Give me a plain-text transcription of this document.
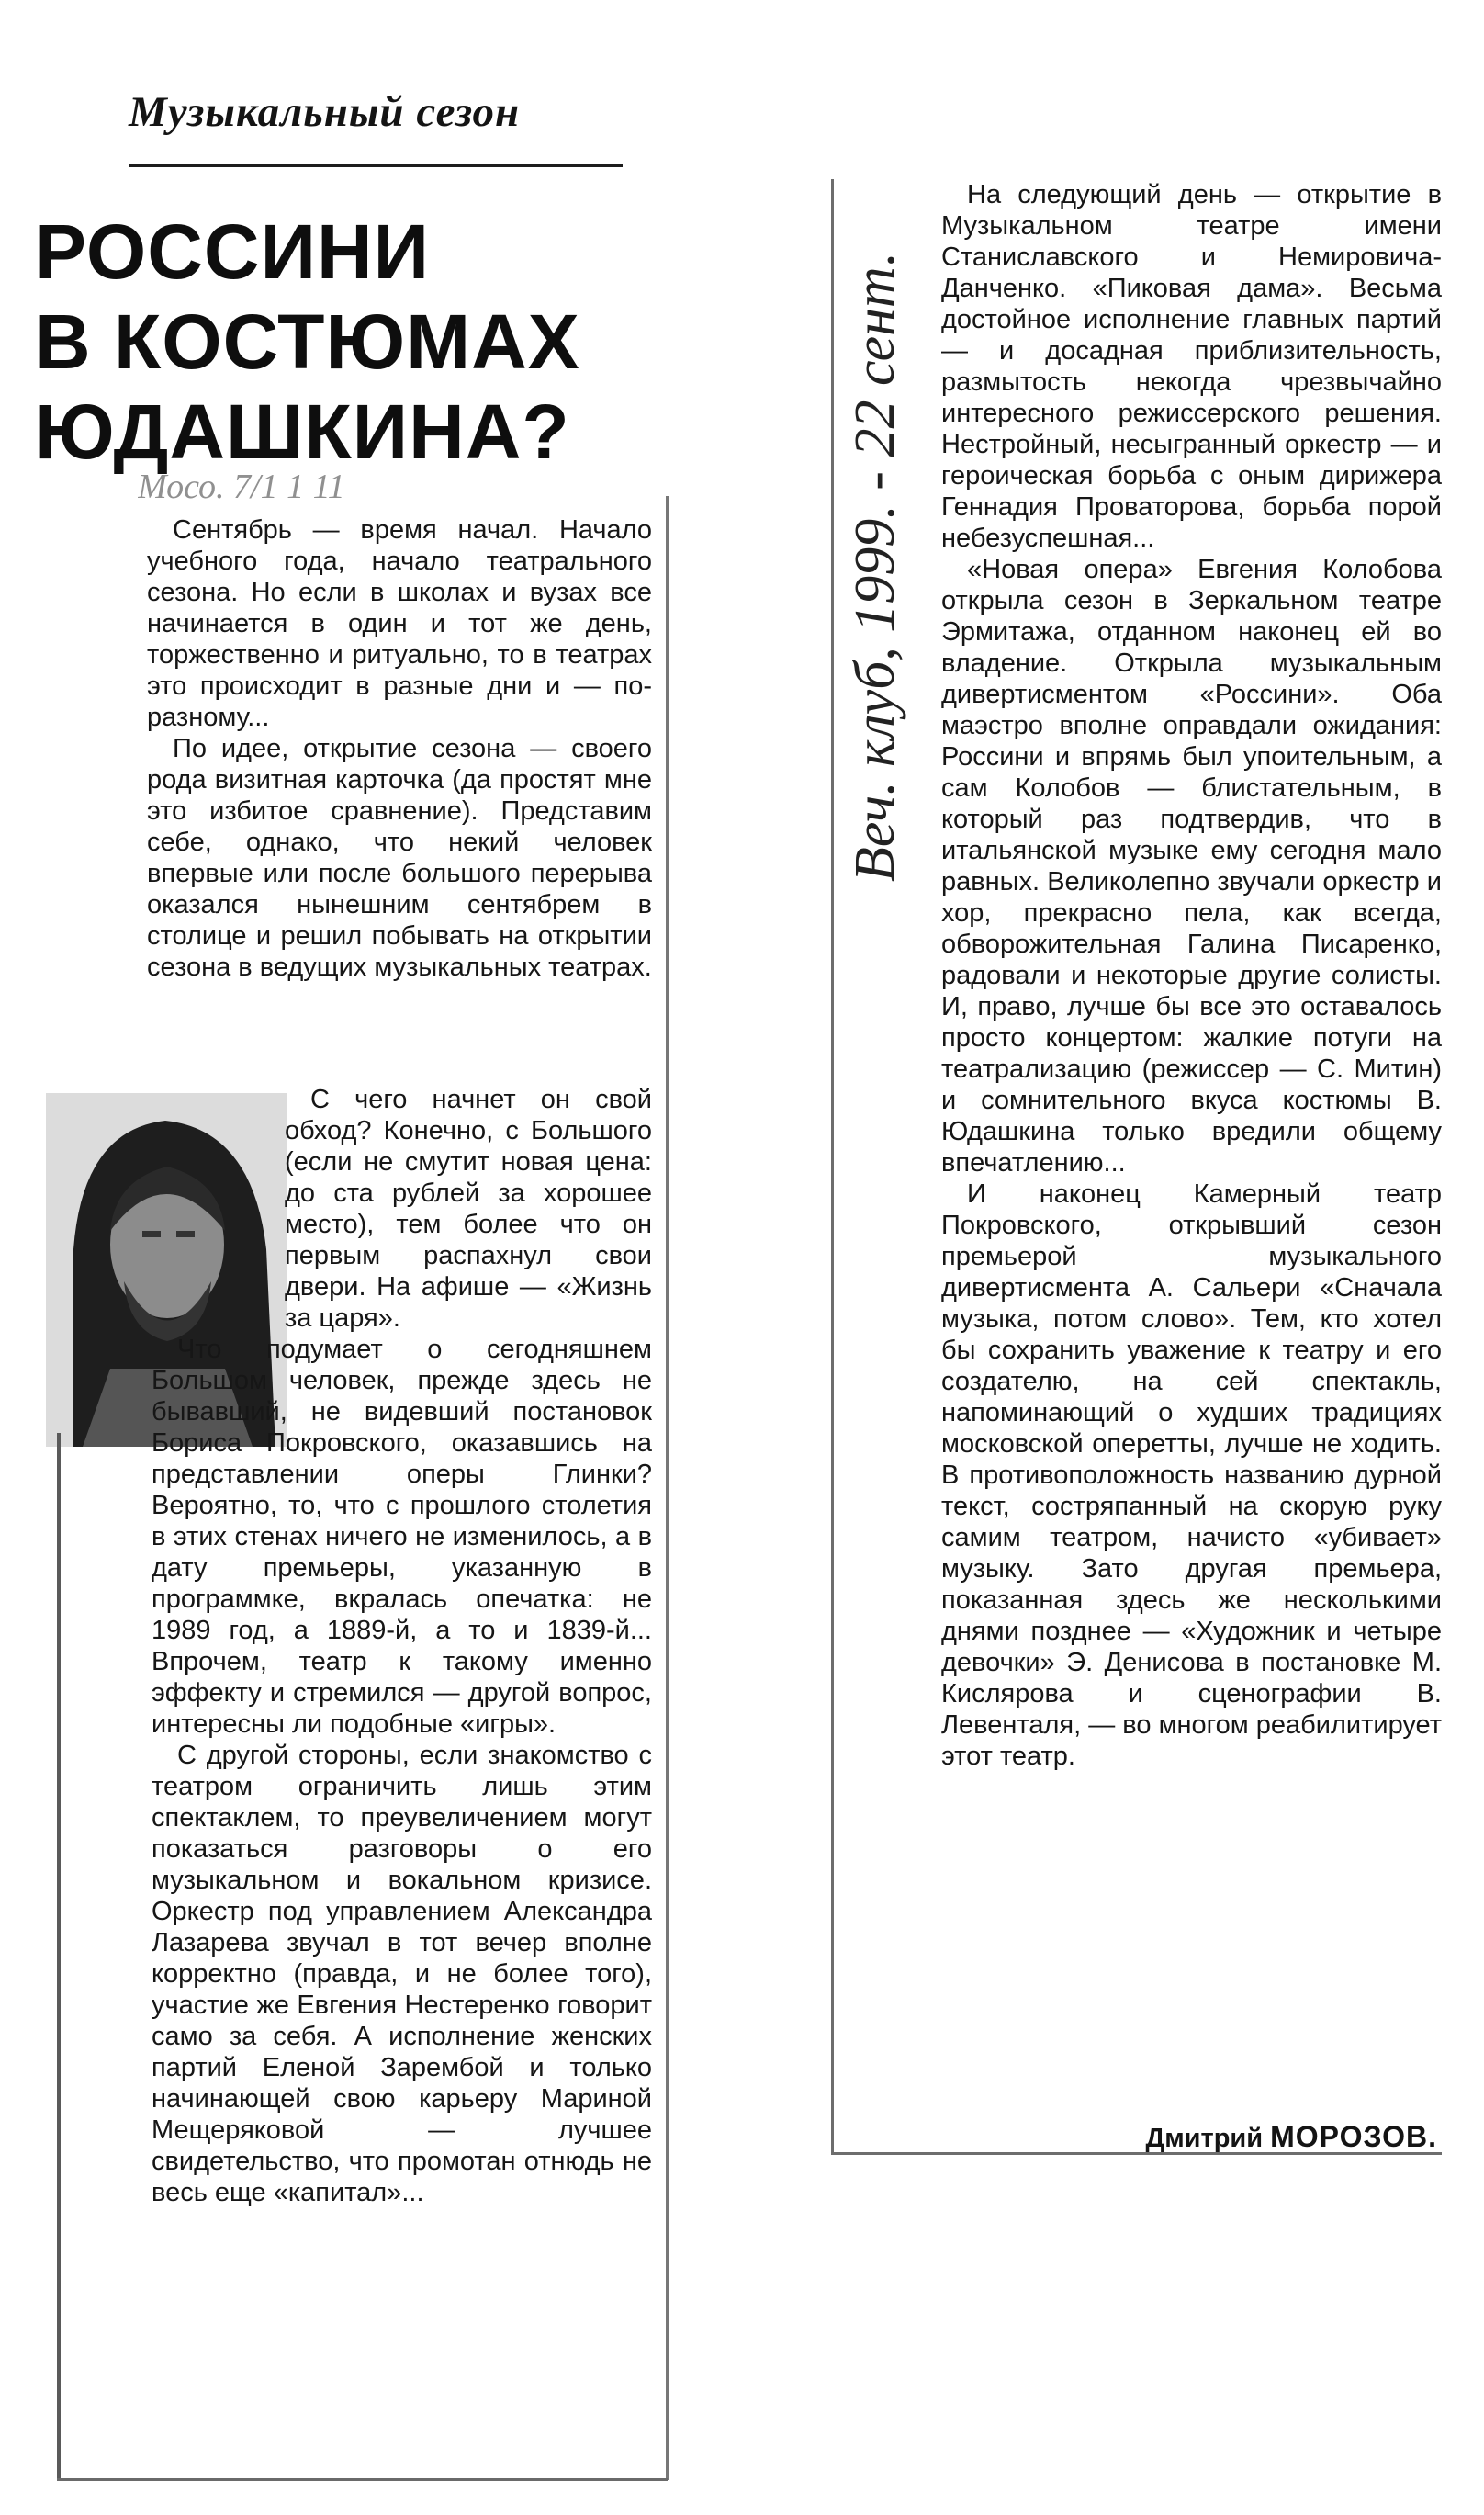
Музыкальный сезон
РОССИНИ
В КОСТЮМАХ
ЮДАШКИНА?
Мосо. 7/1 1 11

Сентябрь — время начал. Начало учебного года, начало театрального сезона. Но если в школах и вузах все начинается в один и тот же день, торжественно и ритуально, то в театрах это происходит в разные дни и — по-разному...

По идее, открытие сезона — своего рода визитная карточка (да простят мне это избитое сравнение). Представим себе, однако, что некий человек впервые или после большого перерыва оказался нынешним сентябрем в столице и решил побывать на открытии сезона в ведущих музыкальных театрах.

С чего начнет он свой обход? Конечно, с Большого (если не смутит новая цена: до ста рублей за хорошее место), тем более что он первым распахнул свои двери. На афише — «Жизнь за царя».

Что подумает о сегодняшнем Большом человек, прежде здесь не бывавший, не видевший постановок Бориса Покровского, оказавшись на представлении оперы Глинки? Вероятно, то, что с прошлого столетия в этих стенах ничего не изменилось, а в дату премьеры, указанную в программке, вкралась опечатка: не 1989 год, а 1889-й, а то и 1839-й... Впрочем, театр к такому именно эффекту и стремился — другой вопрос, интересны ли подобные «игры».

С другой стороны, если знакомство с театром ограничить лишь этим спектаклем, то преувеличением могут показаться разговоры о его музыкальном и вокальном кризисе. Оркестр под управлением Александра Лазарева звучал в тот вечер вполне корректно (правда, и не более того), участие же Евгения Нестеренко говорит само за себя. А исполнение женских партий Еленой Зарембой и только начинающей свою карьеру Мариной Мещеряковой — лучшее свидетельство, что промотан отнюдь не весь еще «капитал»...

Веч. клуб, 1999. - 22 сент.

На следующий день — открытие в Музыкальном театре имени Станиславского и Немировича-Данченко. «Пиковая дама». Весьма достойное исполнение главных партий — и досадная приблизительность, размытость некогда чрезвычайно интересного режиссерского решения. Нестройный, несыгранный оркестр — и героическая борьба с оным дирижера Геннадия Проваторова, борьба порой небезуспешная...

«Новая опера» Евгения Колобова открыла сезон в Зеркальном театре Эрмитажа, отданном наконец ей во владение. Открыла музыкальным дивертисментом «Россини». Оба маэстро вполне оправдали ожидания: Россини и впрямь был упоительным, а сам Колобов — блистательным, в который раз подтвердив, что в итальянской музыке ему сегодня мало равных. Великолепно звучали оркестр и хор, прекрасно пела, как всегда, обворожительная Галина Писаренко, радовали и некоторые другие солисты. И, право, лучше бы все это оставалось просто концертом: жалкие потуги на театрализацию (режиссер — С. Митин) и сомнительного вкуса костюмы В. Юдашкина только вредили общему впечатлению...

И наконец Камерный театр Покровского, открывший сезон премьерой музыкального дивертисмента А. Сальери «Сначала музыка, потом слово». Тем, кто хотел бы сохранить уважение к театру и его создателю, на сей спектакль, напоминающий о худших традициях московской оперетты, лучше не ходить. В противоположность названию дурной текст, состряпанный на скорую руку самим театром, начисто «убивает» музыку. Зато другая премьера, показанная здесь же несколькими днями позднее — «Художник и четыре девочки» Э. Денисова в постановке М. Кислярова и сценографии В. Левенталя, — во многом реабилитирует этот театр.

Дмитрий МОРОЗОВ.
